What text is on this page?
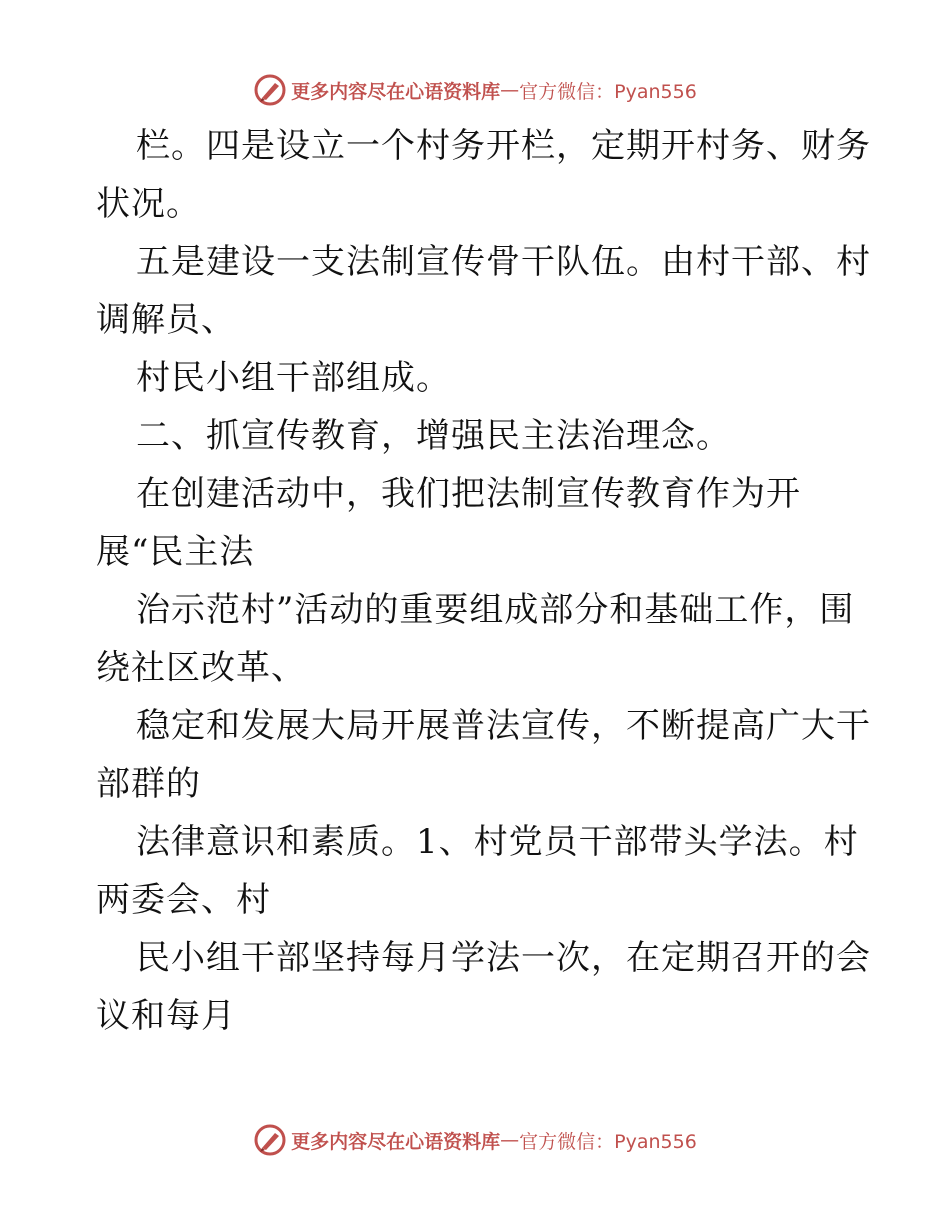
更多内容尽在心语资料库 — 官方微信：Pyan556
栏。四是设立一个村务开栏，定期开村务、财务
状况。
五是建设一支法制宣传骨干队伍。由村干部、村
调解员、
村民小组干部组成。
二、抓宣传教育，增强民主法治理念。
在创建活动中，我们把法制宣传教育作为开
展“民主法
治示范村”活动的重要组成部分和基础工作，围
绕社区改革、
稳定和发展大局开展普法宣传，不断提高广大干
部群的
法律意识和素质。1、村党员干部带头学法。村
两委会、村
民小组干部坚持每月学法一次，在定期召开的会
议和每月
更多内容尽在心语资料库 — 官方微信：Pyan556
